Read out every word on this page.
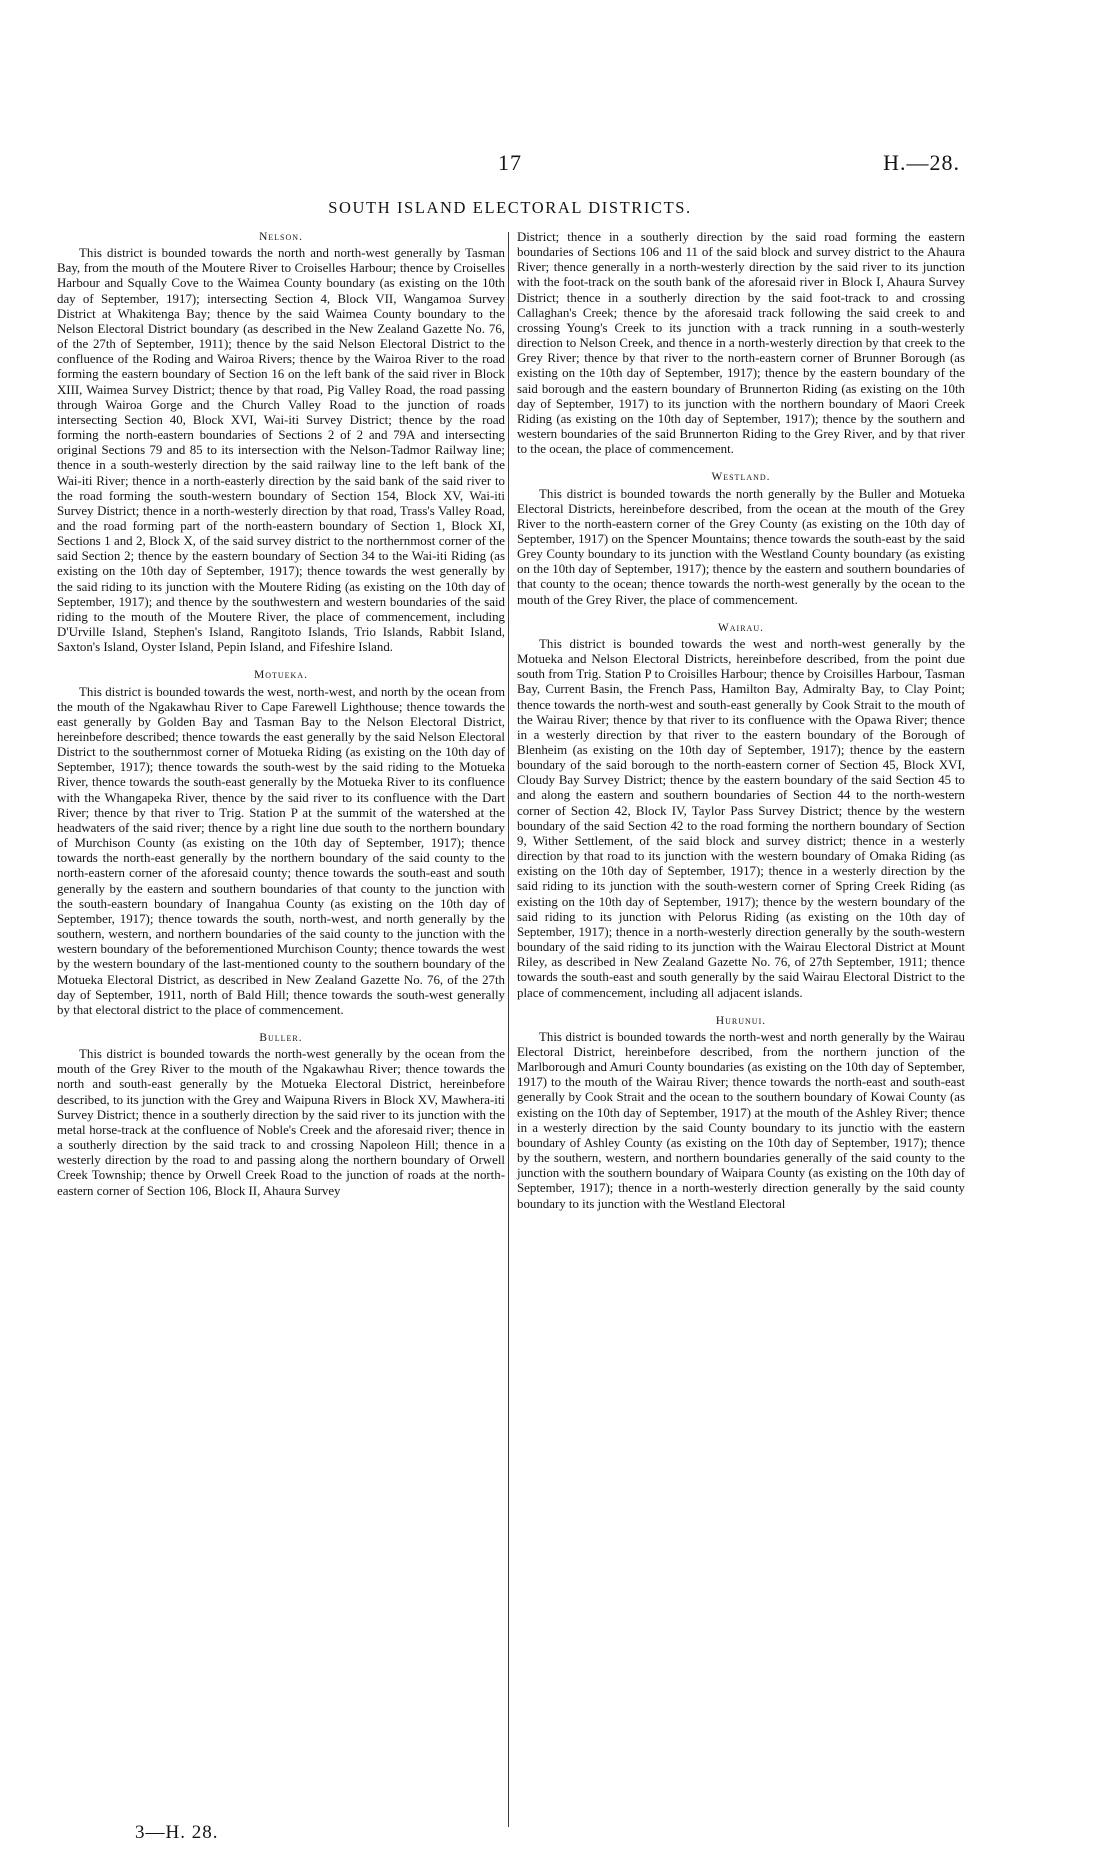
17	H.—28.
SOUTH ISLAND ELECTORAL DISTRICTS.
Nelson.

This district is bounded towards the north and north-west generally by Tasman Bay, from the mouth of the Moutere River to Croiselles Harbour; thence by Croiselles Harbour and Squally Cove to the Waimea County boundary (as existing on the 10th day of September, 1917); intersecting Section 4, Block VII, Wangamoa Survey District at Whakitenga Bay; thence by the said Waimea County boundary to the Nelson Electoral District boundary (as described in the New Zealand Gazette No. 76, of the 27th of September, 1911); thence by the said Nelson Electoral District to the confluence of the Roding and Wairoa Rivers; thence by the Wairoa River to the road forming the eastern boundary of Section 16 on the left bank of the said river in Block XIII, Waimea Survey District; thence by that road, Pig Valley Road, the road passing through Wairoa Gorge and the Church Valley Road to the junction of roads intersecting Section 40, Block XVI, Wai-iti Survey District; thence by the road forming the north-eastern boundaries of Sections 2 of 2 and 79A and intersecting original Sections 79 and 85 to its intersection with the Nelson-Tadmor Railway line; thence in a south-westerly direction by the said railway line to the left bank of the Wai-iti River; thence in a north-easterly direction by the said bank of the said river to the road forming the south-western boundary of Section 154, Block XV, Wai-iti Survey District; thence in a north-westerly direction by that road, Trass's Valley Road, and the road forming part of the north-eastern boundary of Section 1, Block XI, Sections 1 and 2, Block X, of the said survey district to the northernmost corner of the said Section 2; thence by the eastern boundary of Section 34 to the Wai-iti Riding (as existing on the 10th day of September, 1917); thence towards the west generally by the said riding to its junction with the Moutere Riding (as existing on the 10th day of September, 1917); and thence by the southwestern and western boundaries of the said riding to the mouth of the Moutere River, the place of commencement, including D'Urville Island, Stephen's Island, Rangitoto Islands, Trio Islands, Rabbit Island, Saxton's Island, Oyster Island, Pepin Island, and Fifeshire Island.

Motueka.

This district is bounded towards the west, north-west, and north by the ocean from the mouth of the Ngakawhau River to Cape Farewell Lighthouse; thence towards the east generally by Golden Bay and Tasman Bay to the Nelson Electoral District, hereinbefore described; thence towards the east generally by the said Nelson Electoral District to the southernmost corner of Motueka Riding (as existing on the 10th day of September, 1917); thence towards the south-west by the said riding to the Motueka River, thence towards the south-east generally by the Motueka River to its confluence with the Whangapeka River, thence by the said river to its confluence with the Dart River; thence by that river to Trig. Station P at the summit of the watershed at the headwaters of the said river; thence by a right line due south to the northern boundary of Murchison County (as existing on the 10th day of September, 1917); thence towards the north-east generally by the northern boundary of the said county to the north-eastern corner of the aforesaid county; thence towards the south-east and south generally by the eastern and southern boundaries of that county to the junction with the south-eastern boundary of Inangahua County (as existing on the 10th day of September, 1917); thence towards the south, north-west, and north generally by the southern, western, and northern boundaries of the said county to the junction with the western boundary of the beforementioned Murchison County; thence towards the west by the western boundary of the last-mentioned county to the southern boundary of the Motueka Electoral District, as described in New Zealand Gazette No. 76, of the 27th day of September, 1911, north of Bald Hill; thence towards the south-west generally by that electoral district to the place of commencement.

Buller.

This district is bounded towards the north-west generally by the ocean from the mouth of the Grey River to the mouth of the Ngakawhau River; thence towards the north and south-east generally by the Motueka Electoral District, hereinbefore described, to its junction with the Grey and Waipuna Rivers in Block XV, Mawhera-iti Survey District; thence in a southerly direction by the said river to its junction with the metal horse-track at the confluence of Noble's Creek and the aforesaid river; thence in a southerly direction by the said track to and crossing Napoleon Hill; thence in a westerly direction by the road to and passing along the northern boundary of Orwell Creek Township; thence by Orwell Creek Road to the junction of roads at the north-eastern corner of Section 106, Block II, Ahaura Survey

District; thence in a southerly direction by the said road forming the eastern boundaries of Sections 106 and 11 of the said block and survey district to the Ahaura River; thence generally in a north-westerly direction by the said river to its junction with the foot-track on the south bank of the aforesaid river in Block I, Ahaura Survey District; thence in a southerly direction by the said foot-track to and crossing Callaghan's Creek; thence by the aforesaid track following the said creek to and crossing Young's Creek to its junction with a track running in a south-westerly direction to Nelson Creek, and thence in a north-westerly direction by that creek to the Grey River; thence by that river to the north-eastern corner of Brunner Borough (as existing on the 10th day of September, 1917); thence by the eastern boundary of the said borough and the eastern boundary of Brunnerton Riding (as existing on the 10th day of September, 1917) to its junction with the northern boundary of Maori Creek Riding (as existing on the 10th day of September, 1917); thence by the southern and western boundaries of the said Brunnerton Riding to the Grey River, and by that river to the ocean, the place of commencement.

Westland.

This district is bounded towards the north generally by the Buller and Motueka Electoral Districts, hereinbefore described, from the ocean at the mouth of the Grey River to the north-eastern corner of the Grey County (as existing on the 10th day of September, 1917) on the Spencer Mountains; thence towards the south-east by the said Grey County boundary to its junction with the Westland County boundary (as existing on the 10th day of September, 1917); thence by the eastern and southern boundaries of that county to the ocean; thence towards the north-west generally by the ocean to the mouth of the Grey River, the place of commencement.

Wairau.

This district is bounded towards the west and north-west generally by the Motueka and Nelson Electoral Districts, hereinbefore described, from the point due south from Trig. Station P to Croisilles Harbour; thence by Croisilles Harbour, Tasman Bay, Current Basin, the French Pass, Hamilton Bay, Admiralty Bay, to Clay Point; thence towards the north-west and south-east generally by Cook Strait to the mouth of the Wairau River; thence by that river to its confluence with the Opawa River; thence in a westerly direction by that river to the eastern boundary of the Borough of Blenheim (as existing on the 10th day of September, 1917); thence by the eastern boundary of the said borough to the north-eastern corner of Section 45, Block XVI, Cloudy Bay Survey District; thence by the eastern boundary of the said Section 45 to and along the eastern and southern boundaries of Section 44 to the north-western corner of Section 42, Block IV, Taylor Pass Survey District; thence by the western boundary of the said Section 42 to the road forming the northern boundary of Section 9, Wither Settlement, of the said block and survey district; thence in a westerly direction by that road to its junction with the western boundary of Omaka Riding (as existing on the 10th day of September, 1917); thence in a westerly direction by the said riding to its junction with the south-western corner of Spring Creek Riding (as existing on the 10th day of September, 1917); thence by the western boundary of the said riding to its junction with Pelorus Riding (as existing on the 10th day of September, 1917); thence in a north-westerly direction generally by the south-western boundary of the said riding to its junction with the Wairau Electoral District at Mount Riley, as described in New Zealand Gazette No. 76, of 27th September, 1911; thence towards the south-east and south generally by the said Wairau Electoral District to the place of commencement, including all adjacent islands.

Hurunui.

This district is bounded towards the north-west and north generally by the Wairau Electoral District, hereinbefore described, from the northern junction of the Marlborough and Amuri County boundaries (as existing on the 10th day of September, 1917) to the mouth of the Wairau River; thence towards the north-east and south-east generally by Cook Strait and the ocean to the southern boundary of Kowai County (as existing on the 10th day of September, 1917) at the mouth of the Ashley River; thence in a westerly direction by the said County boundary to its junctio with the eastern boundary of Ashley County (as existing on the 10th day of September, 1917); thence by the southern, western, and northern boundaries generally of the said county to the junction with the southern boundary of Waipara County (as existing on the 10th day of September, 1917); thence in a north-westerly direction generally by the said county boundary to its junction with the Westland Electoral

3—H. 28.
